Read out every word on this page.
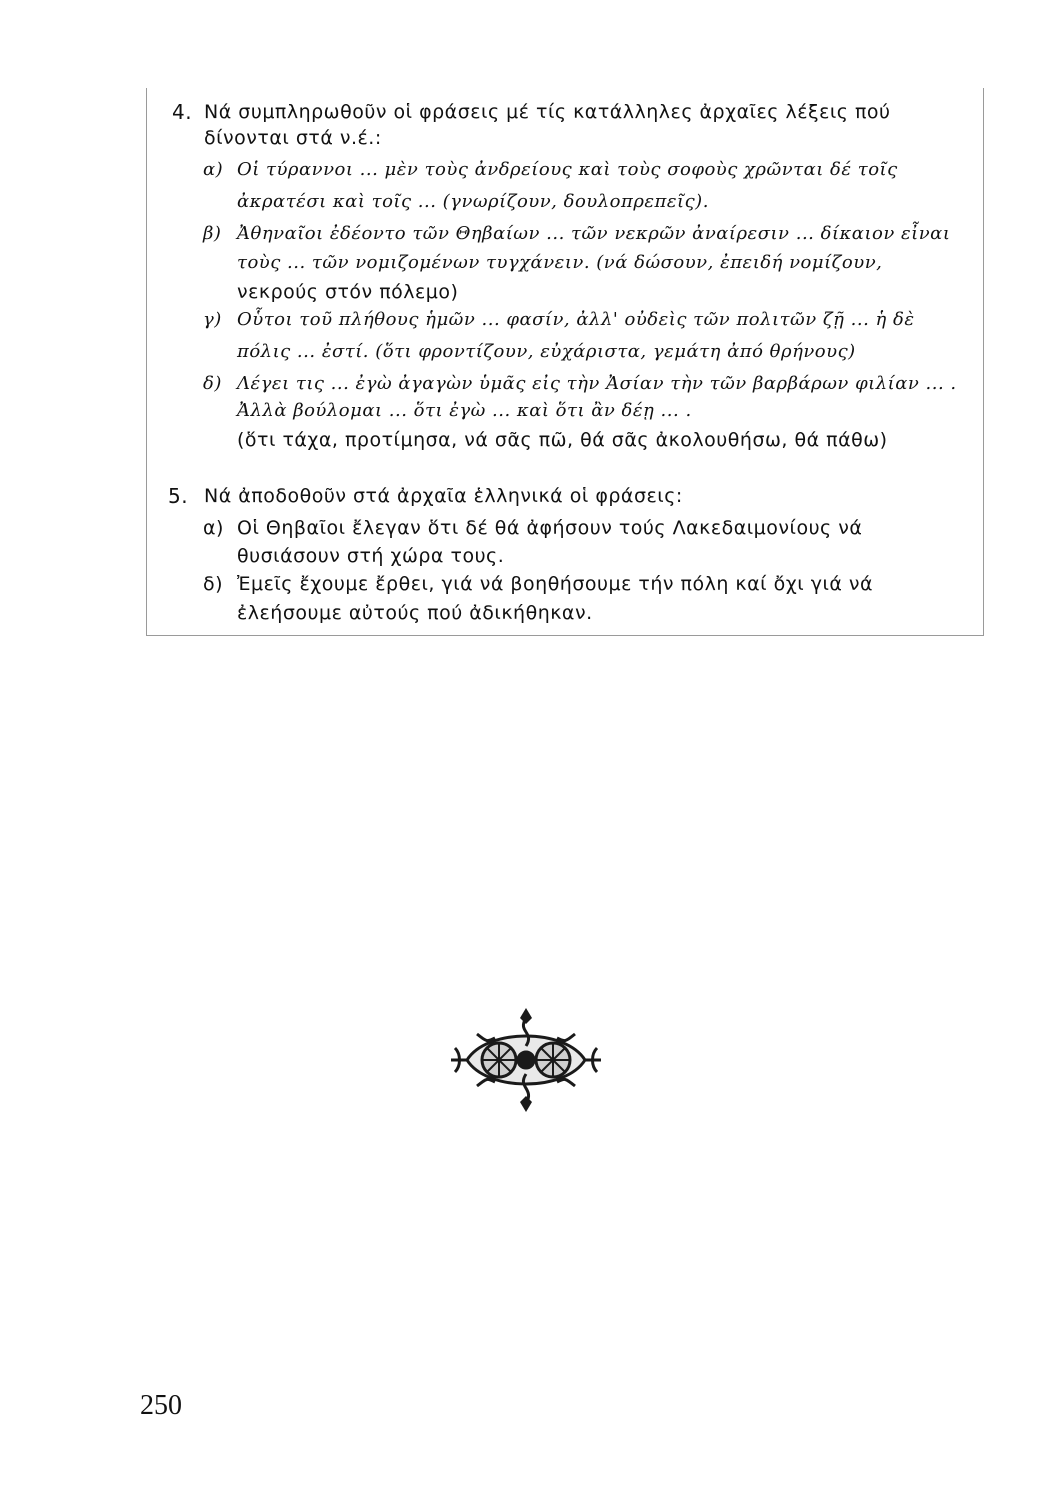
4. Νά συμπληρωθοῦν οἱ φράσεις μέ τίς κατάλληλες ἀρχαῖες λέξεις πού
δίνονται στά ν.έ.:
α) Οἱ τύραννοι ... μὲν τοὺς ἀνδρείους καὶ τοὺς σοφοὺς χρῶνται δέ τοῖς
ἀκρατέσι καὶ τοῖς ... (γνωρίζουν, δουλοπρεπεῖς).
β) Ἀθηναῖοι ἐδέοντο τῶν Θηβαίων ... τῶν νεκρῶν ἀναίρεσιν ... δίκαιον εἶναι
τοὺς ... τῶν νομιζομένων τυγχάνειν. (νά δώσουν, ἐπειδή νομίζουν,
νεκρούς στόν πόλεμο)
γ) Οὗτοι τοῦ πλήθους ἡμῶν ... φασίν, ἀλλ' οὐδεὶς τῶν πολιτῶν ζῇ ... ἡ δὲ
πόλις ... ἐστί. (ὅτι φροντίζουν, εὐχάριστα, γεμάτη ἀπό θρήνους)
δ) Λέγει τις ... ἐγὼ ἀγαγὼν ὑμᾶς εἰς τὴν Ἀσίαν τὴν τῶν βαρβάρων φιλίαν ... .
Ἀλλὰ βούλομαι ... ὅτι ἐγὼ ... καὶ ὅτι ἂν δέῃ ... .
(ὅτι τάχα, προτίμησα, νά σᾶς πῶ, θά σᾶς ἀκολουθήσω, θά πάθω)
5. Νά ἀποδοθοῦν στά ἀρχαῖα ἑλληνικά οἱ φράσεις:
α) Οἱ Θηβαῖοι ἔλεγαν ὅτι δέ θά ἀφήσουν τούς Λακεδαιμονίους νά
θυσιάσουν στή χώρα τους.
δ) Ἐμεῖς ἔχουμε ἔρθει, γιά νά βοηθήσουμε τήν πόλη καί ὄχι γιά νά
ἐλεήσουμε αὐτούς πού ἀδικήθηκαν.
250
